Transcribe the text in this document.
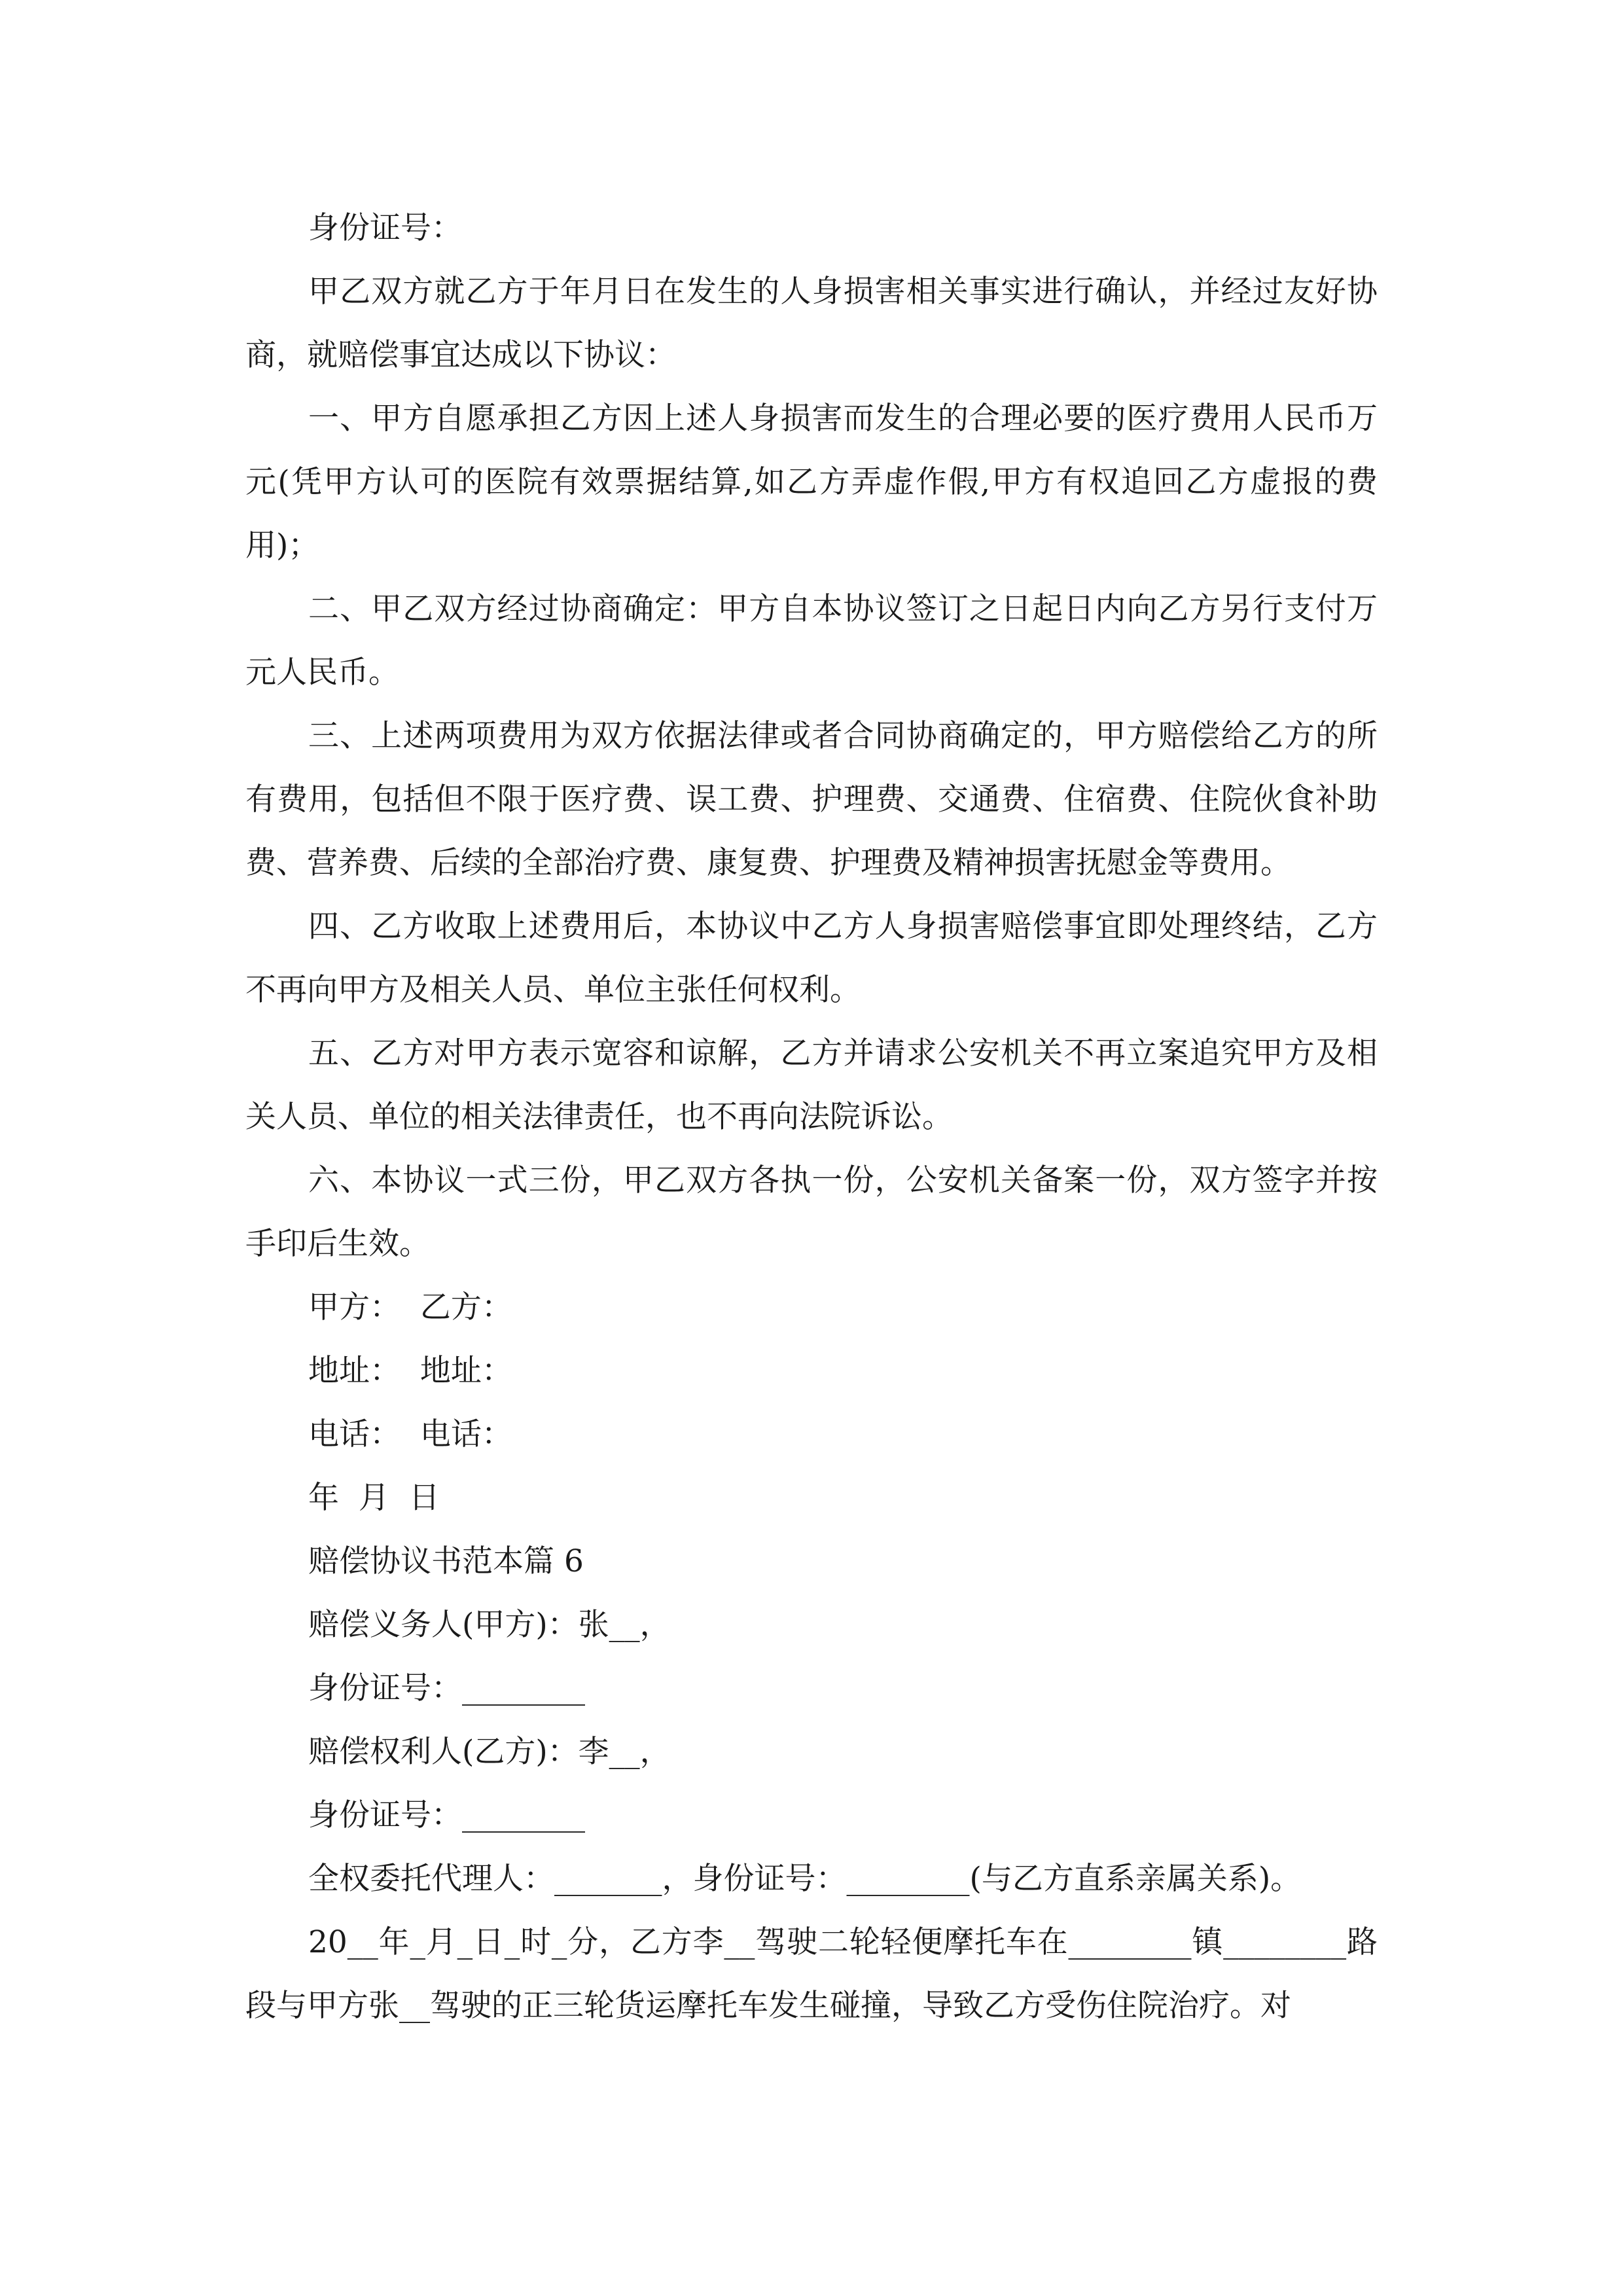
身份证号：

甲乙双方就乙方于年月日在发生的人身损害相关事实进行确认，并经过友好协商，就赔偿事宜达成以下协议：

一、甲方自愿承担乙方因上述人身损害而发生的合理必要的医疗费用人民币万元(凭甲方认可的医院有效票据结算,如乙方弄虚作假,甲方有权追回乙方虚报的费用)；

二、甲乙双方经过协商确定：甲方自本协议签订之日起日内向乙方另行支付万元人民币。

三、上述两项费用为双方依据法律或者合同协商确定的，甲方赔偿给乙方的所有费用，包括但不限于医疗费、误工费、护理费、交通费、住宿费、住院伙食补助费、营养费、后续的全部治疗费、康复费、护理费及精神损害抚慰金等费用。

四、乙方收取上述费用后，本协议中乙方人身损害赔偿事宜即处理终结，乙方不再向甲方及相关人员、单位主张任何权利。

五、乙方对甲方表示宽容和谅解，乙方并请求公安机关不再立案追究甲方及相关人员、单位的相关法律责任，也不再向法院诉讼。

六、本协议一式三份，甲乙双方各执一份，公安机关备案一份，双方签字并按手印后生效。

甲方：  乙方：

地址：  地址：

电话：  电话：

年  月  日

赔偿协议书范本篇 6

赔偿义务人(甲方)：张__，

身份证号：________

赔偿权利人(乙方)：李__，

身份证号：________

全权委托代理人：_______，身份证号：________(与乙方直系亲属关系)。

20__年_月_日_时_分，乙方李__驾驶二轮轻便摩托车在________镇________路段与甲方张__驾驶的正三轮货运摩托车发生碰撞，导致乙方受伤住院治疗。对
